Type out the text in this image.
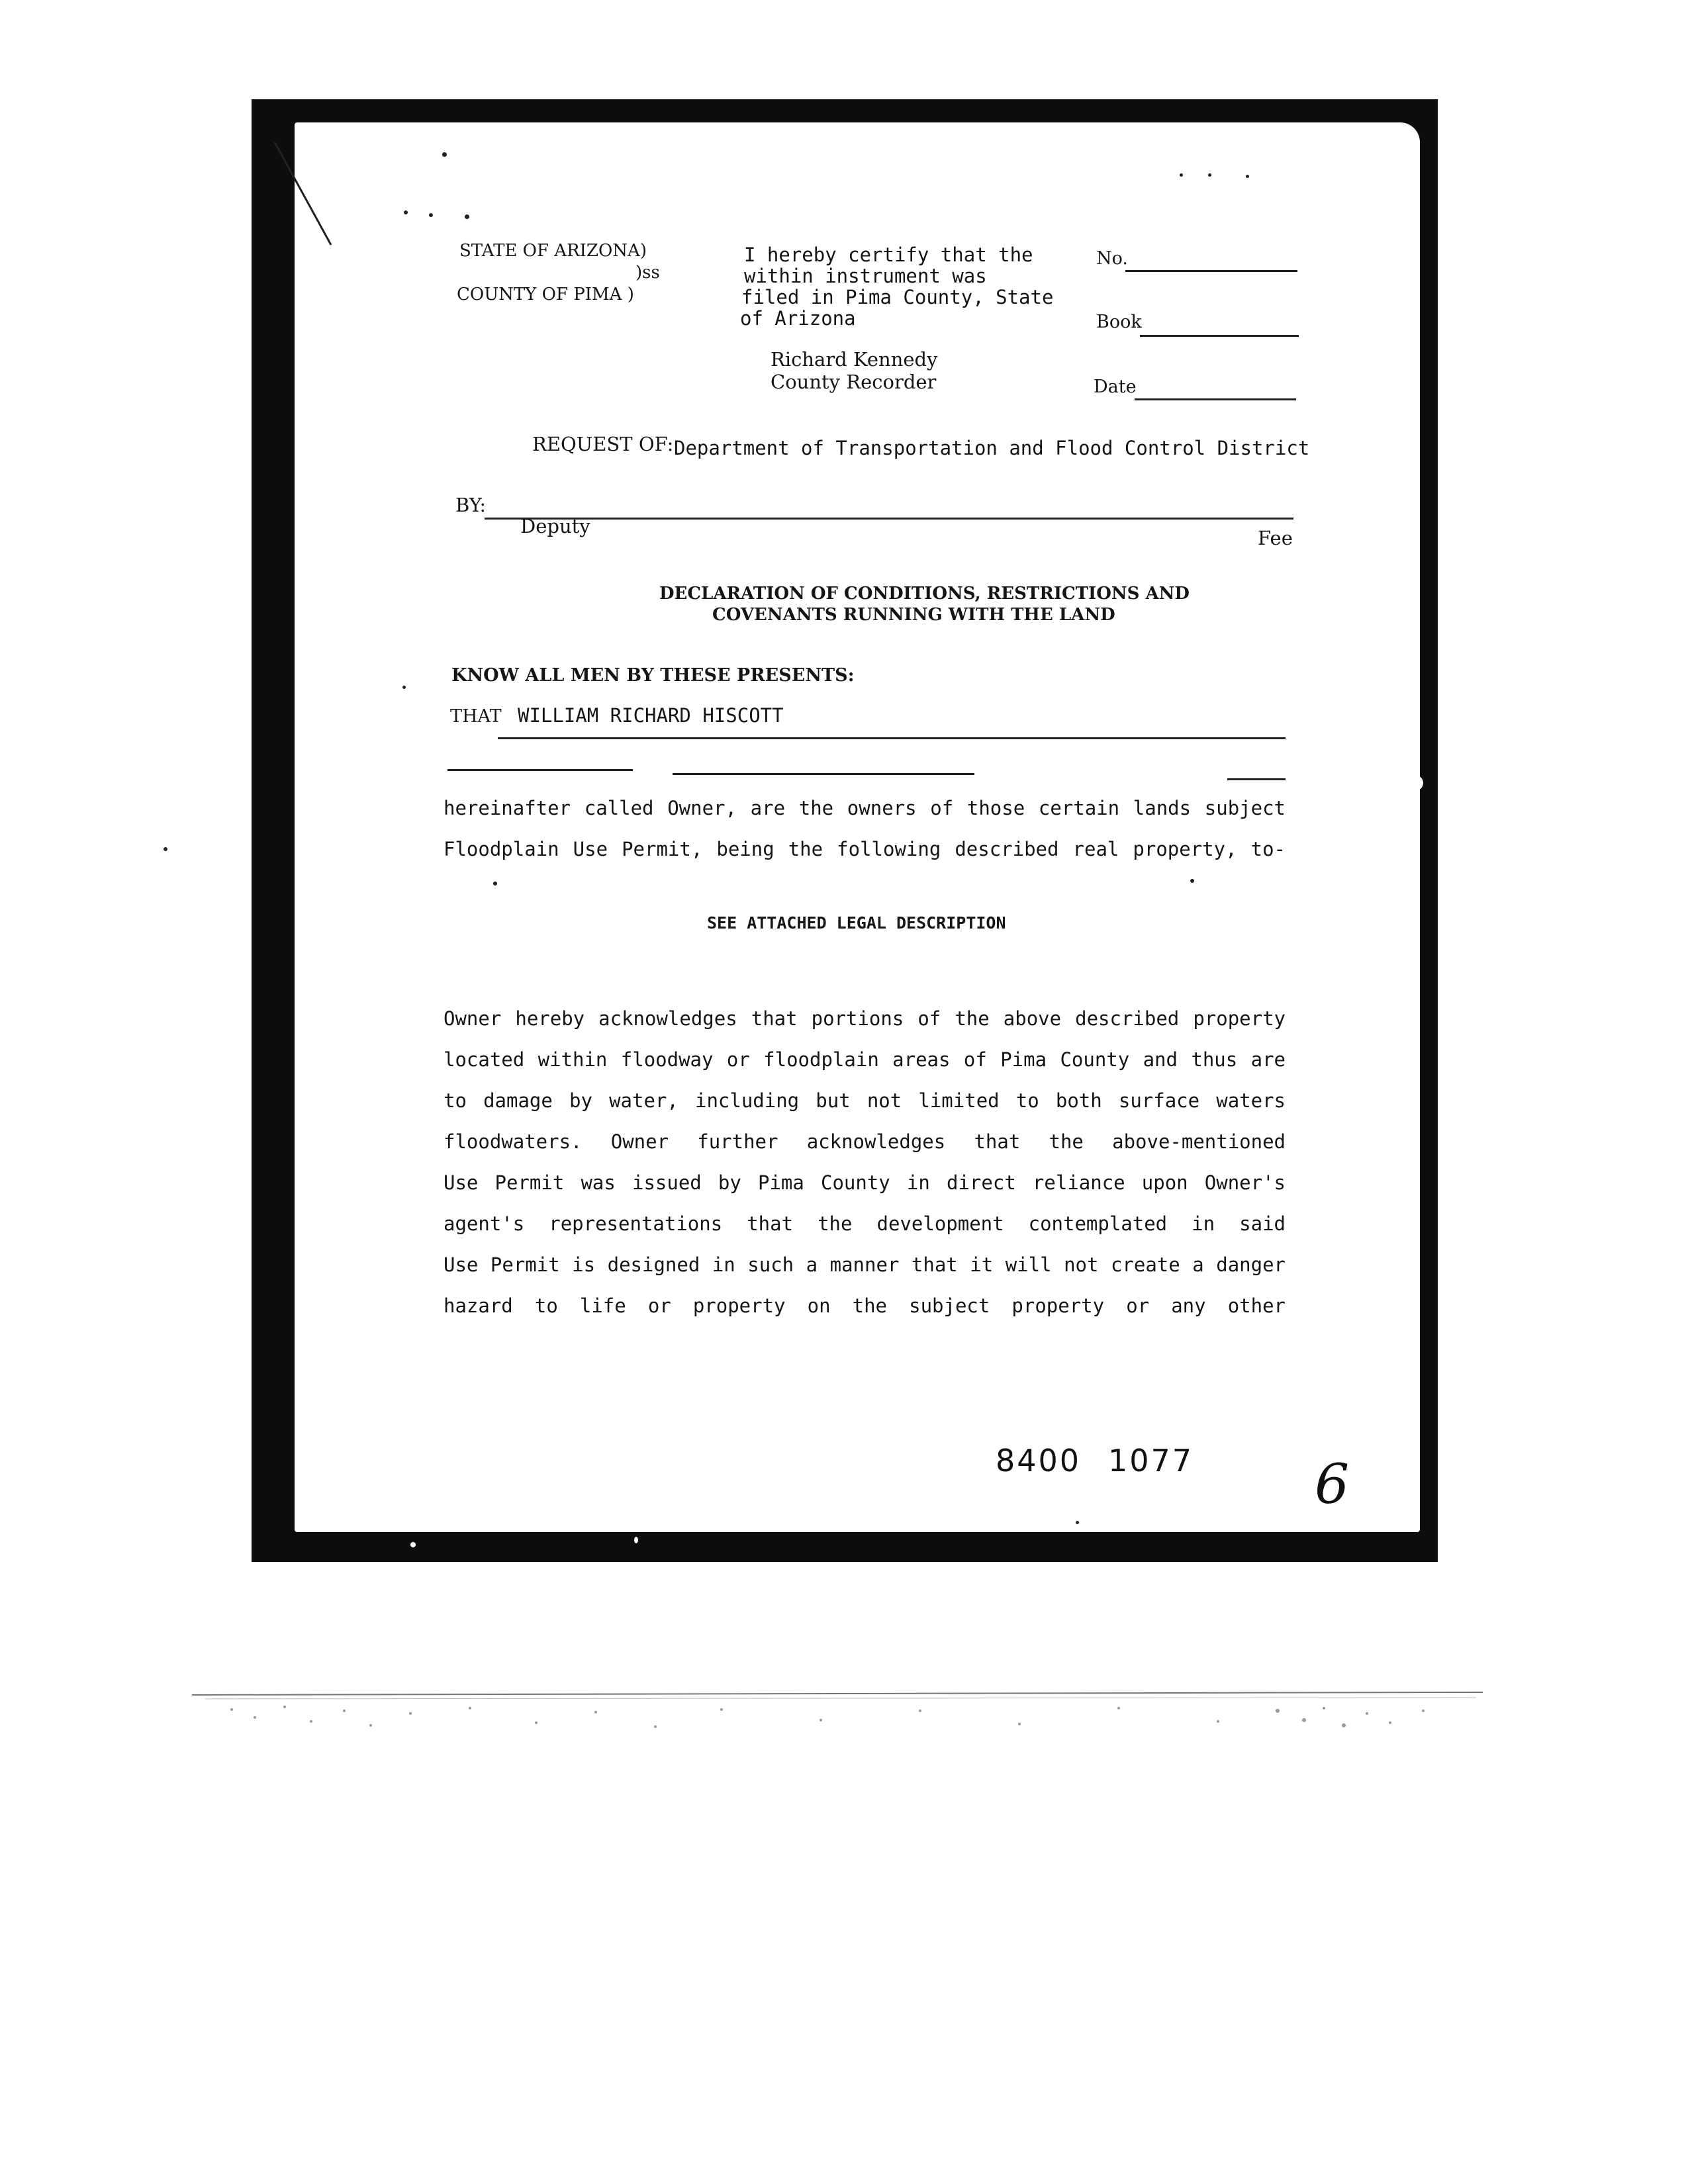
STATE OF ARIZONA)
)ss
COUNTY OF PIMA )
I hereby certify that the
within instrument was
filed in Pima County, State
of Arizona
Richard Kennedy
County Recorder
No.
Book
Date
REQUEST OF: Department of Transportation and Flood Control District
BY:
Deputy
Fee
DECLARATION OF CONDITIONS, RESTRICTIONS AND
COVENANTS RUNNING WITH THE LAND
KNOW ALL MEN BY THESE PRESENTS:
THAT WILLIAM RICHARD HISCOTT
hereinafter called Owner, are the owners of those certain lands subject
Floodplain Use Permit, being the following described real property, to-
SEE ATTACHED LEGAL DESCRIPTION
Owner hereby acknowledges that portions of the above described property
located within floodway or floodplain areas of Pima County and thus are
to damage by water, including but not limited to both surface waters
floodwaters. Owner further acknowledges that the above-mentioned
Use Permit was issued by Pima County in direct reliance upon Owner's
agent's representations that the development contemplated in said
Use Permit is designed in such a manner that it will not create a danger
hazard to life or property on the subject property or any other
8400 1077 6
